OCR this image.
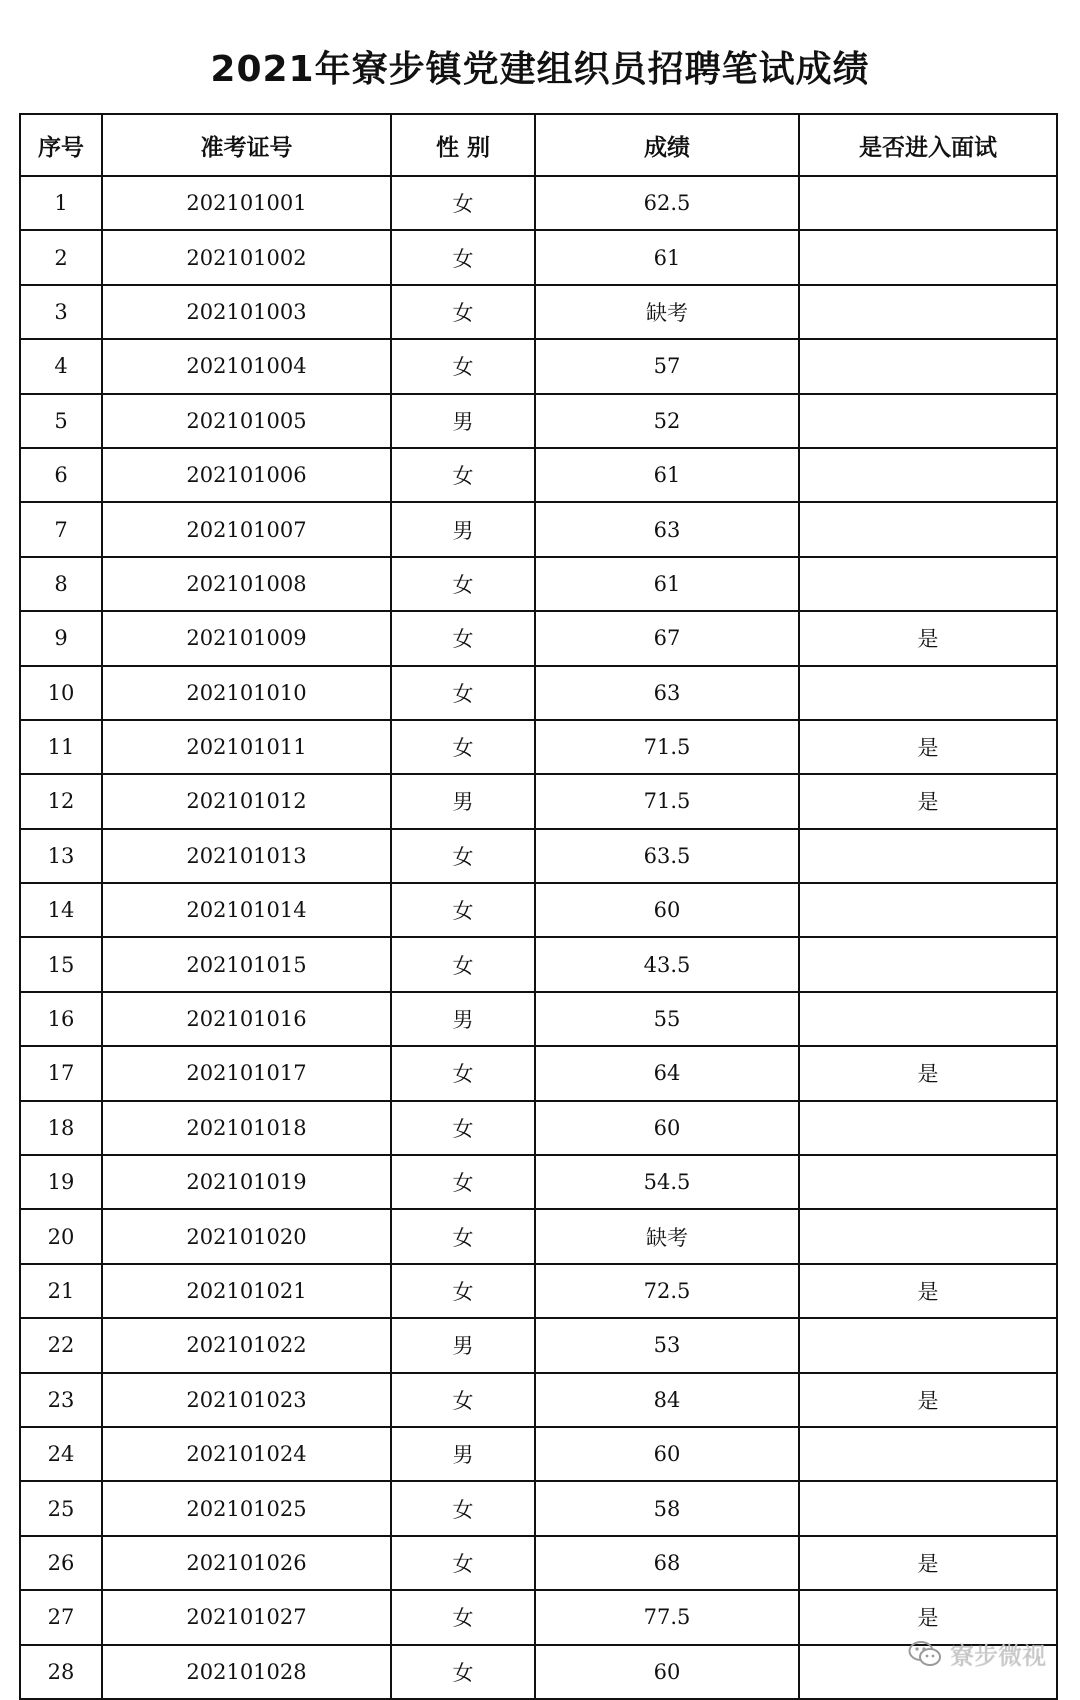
2021年寮步镇党建组织员招聘笔试成绩
序号	准考证号	性 别	成绩	是否进入面试
1	202101001	女	62.5	
2	202101002	女	61	
3	202101003	女	缺考	
4	202101004	女	57	
5	202101005	男	52	
6	202101006	女	61	
7	202101007	男	63	
8	202101008	女	61	
9	202101009	女	67	是
10	202101010	女	63	
11	202101011	女	71.5	是
12	202101012	男	71.5	是
13	202101013	女	63.5	
14	202101014	女	60	
15	202101015	女	43.5	
16	202101016	男	55	
17	202101017	女	64	是
18	202101018	女	60	
19	202101019	女	54.5	
20	202101020	女	缺考	
21	202101021	女	72.5	是
22	202101022	男	53	
23	202101023	女	84	是
24	202101024	男	60	
25	202101025	女	58	
26	202101026	女	68	是
27	202101027	女	77.5	是
28	202101028	女	60	
寮步微视
